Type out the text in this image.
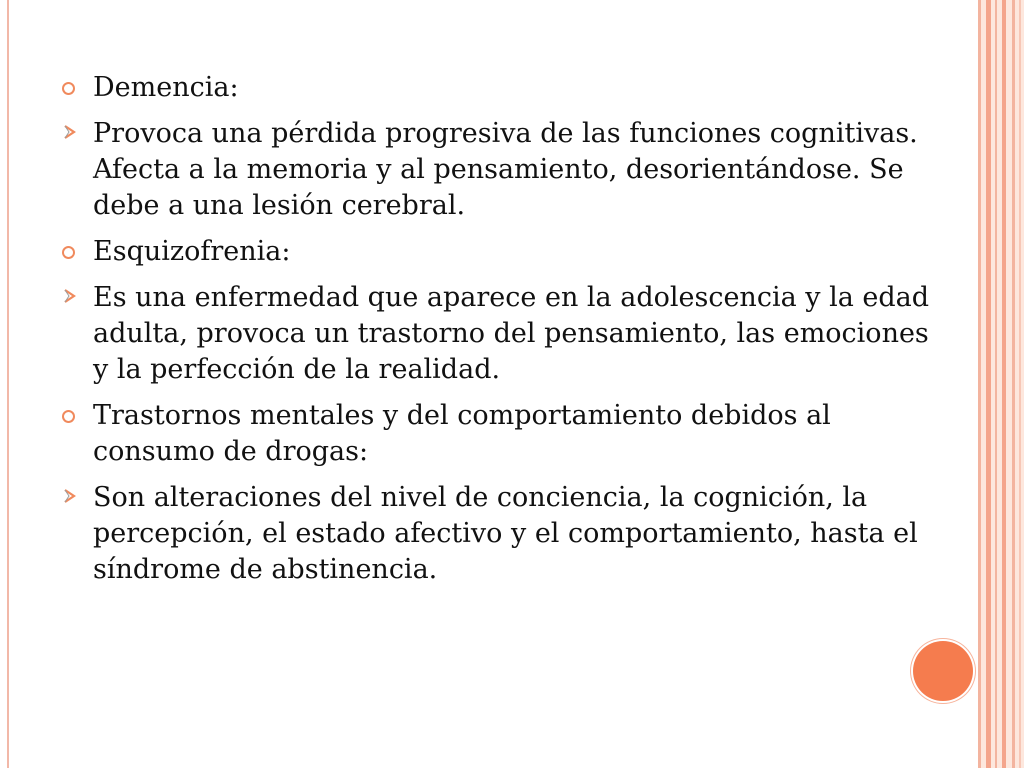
Demencia:
Provoca una pérdida progresiva de las funciones cognitivas. Afecta a la memoria y al pensamiento, desorientándose. Se debe a una lesión cerebral.
Esquizofrenia:
Es una enfermedad que aparece en la adolescencia y la edad adulta, provoca un trastorno del pensamiento, las emociones y la perfección de la realidad.
Trastornos mentales y del comportamiento debidos al consumo de drogas:
Son alteraciones del nivel de conciencia, la cognición, la percepción, el estado afectivo y el comportamiento, hasta el síndrome de abstinencia.
